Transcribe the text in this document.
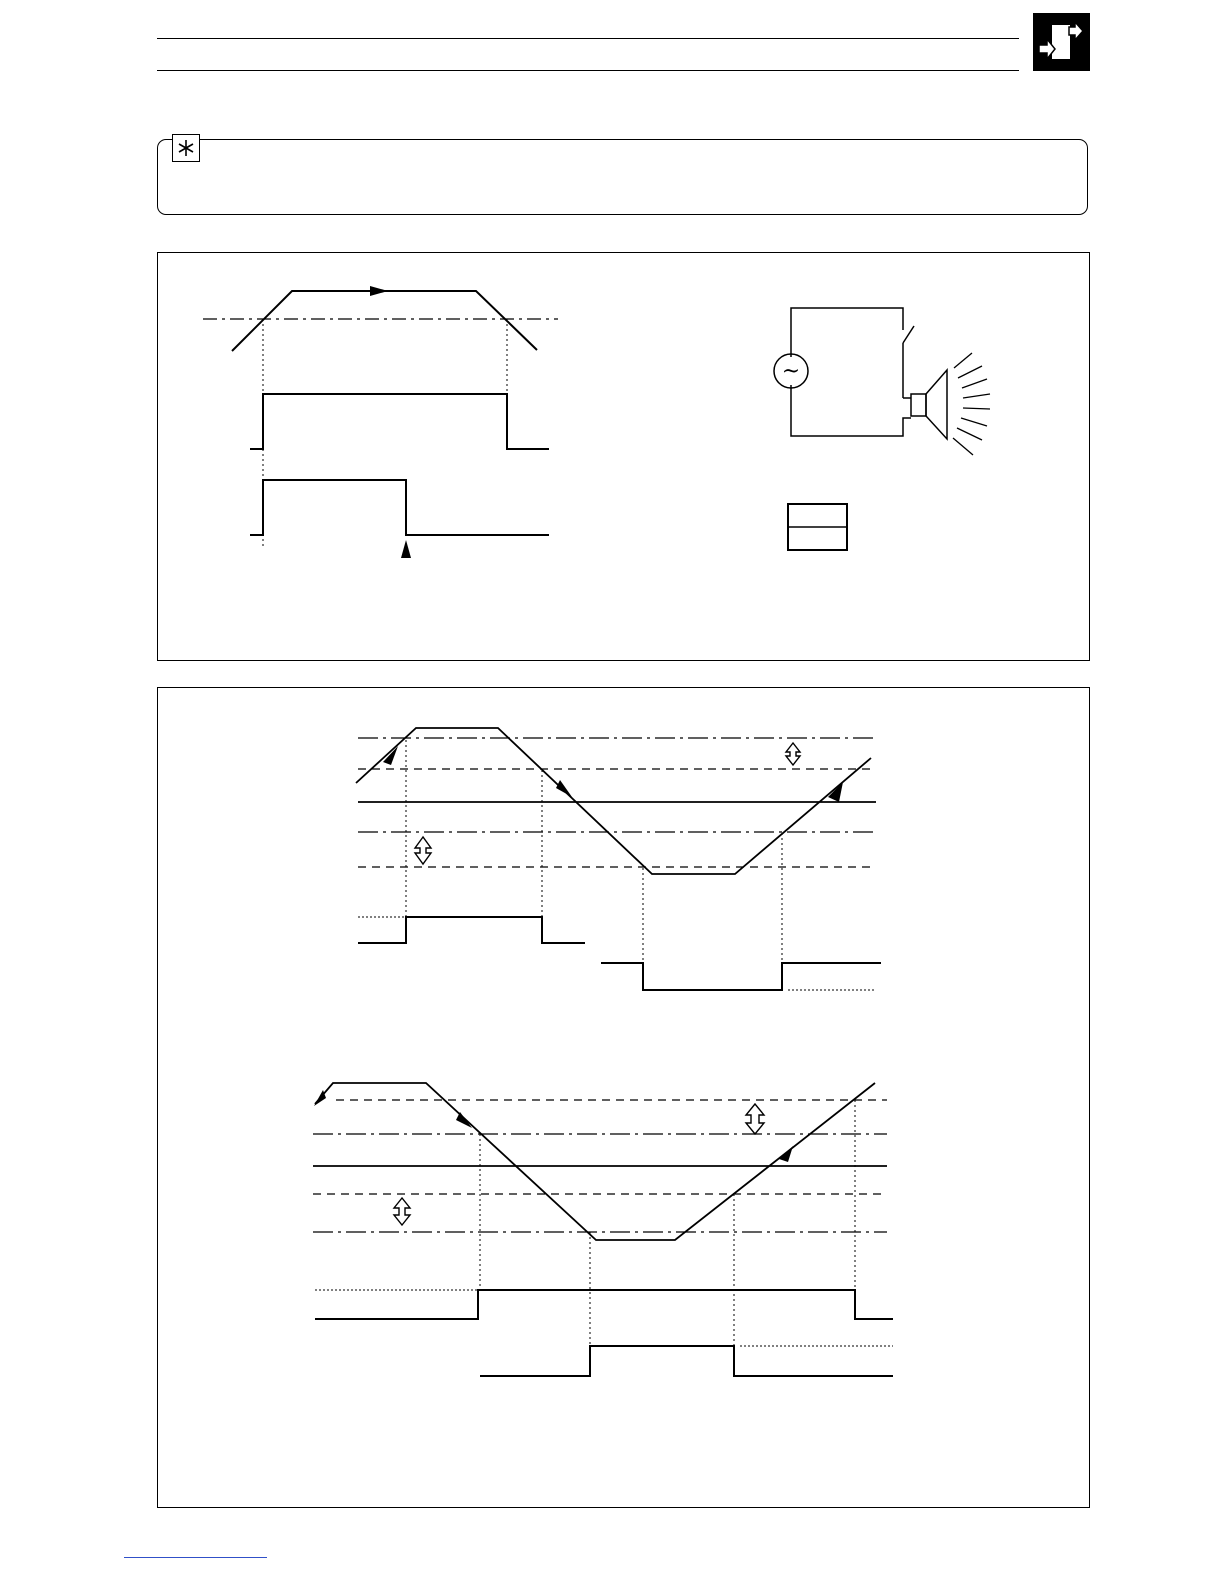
~
